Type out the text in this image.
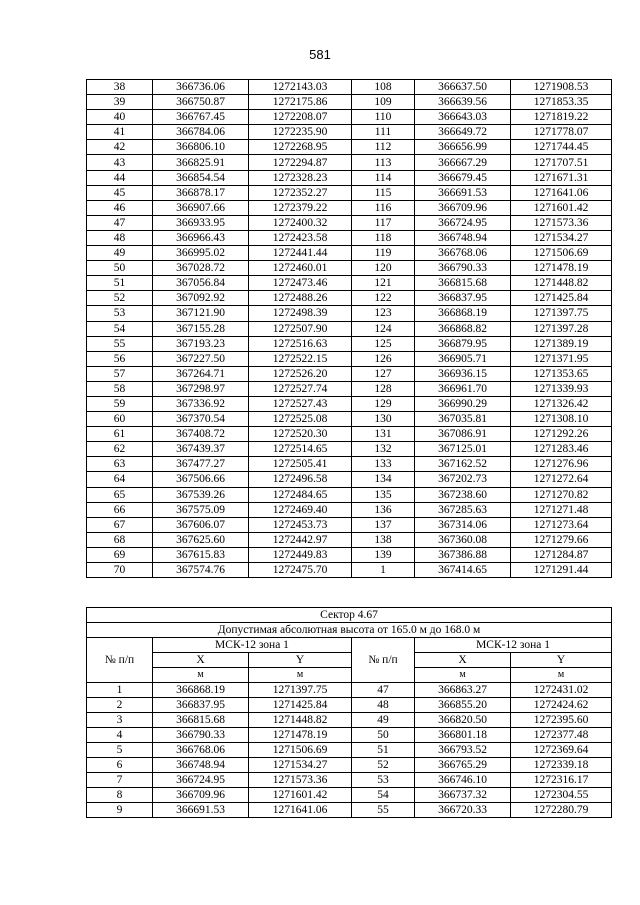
581
38	366736.06	1272143.03	108	366637.50	1271908.53
39	366750.87	1272175.86	109	366639.56	1271853.35
40	366767.45	1272208.07	110	366643.03	1271819.22
41	366784.06	1272235.90	111	366649.72	1271778.07
42	366806.10	1272268.95	112	366656.99	1271744.45
43	366825.91	1272294.87	113	366667.29	1271707.51
44	366854.54	1272328.23	114	366679.45	1271671.31
45	366878.17	1272352.27	115	366691.53	1271641.06
46	366907.66	1272379.22	116	366709.96	1271601.42
47	366933.95	1272400.32	117	366724.95	1271573.36
48	366966.43	1272423.58	118	366748.94	1271534.27
49	366995.02	1272441.44	119	366768.06	1271506.69
50	367028.72	1272460.01	120	366790.33	1271478.19
51	367056.84	1272473.46	121	366815.68	1271448.82
52	367092.92	1272488.26	122	366837.95	1271425.84
53	367121.90	1272498.39	123	366868.19	1271397.75
54	367155.28	1272507.90	124	366868.82	1271397.28
55	367193.23	1272516.63	125	366879.95	1271389.19
56	367227.50	1272522.15	126	366905.71	1271371.95
57	367264.71	1272526.20	127	366936.15	1271353.65
58	367298.97	1272527.74	128	366961.70	1271339.93
59	367336.92	1272527.43	129	366990.29	1271326.42
60	367370.54	1272525.08	130	367035.81	1271308.10
61	367408.72	1272520.30	131	367086.91	1271292.26
62	367439.37	1272514.65	132	367125.01	1271283.46
63	367477.27	1272505.41	133	367162.52	1271276.96
64	367506.66	1272496.58	134	367202.73	1271272.64
65	367539.26	1272484.65	135	367238.60	1271270.82
66	367575.09	1272469.40	136	367285.63	1271271.48
67	367606.07	1272453.73	137	367314.06	1271273.64
68	367625.60	1272442.97	138	367360.08	1271279.66
69	367615.83	1272449.83	139	367386.88	1271284.87
70	367574.76	1272475.70	1	367414.65	1271291.44
Сектор 4.67					
Допустимая абсолютная высота от 165.0 м до 168.0 м					
№ п/п	МСК-12 зона 1		№ п/п	МСК-12 зона 1	
	X	Y		X	Y
	м	м		м	м
1	366868.19	1271397.75	47	366863.27	1272431.02
2	366837.95	1271425.84	48	366855.20	1272424.62
3	366815.68	1271448.82	49	366820.50	1272395.60
4	366790.33	1271478.19	50	366801.18	1272377.48
5	366768.06	1271506.69	51	366793.52	1272369.64
6	366748.94	1271534.27	52	366765.29	1272339.18
7	366724.95	1271573.36	53	366746.10	1272316.17
8	366709.96	1271601.42	54	366737.32	1272304.55
9	366691.53	1271641.06	55	366720.33	1272280.79
